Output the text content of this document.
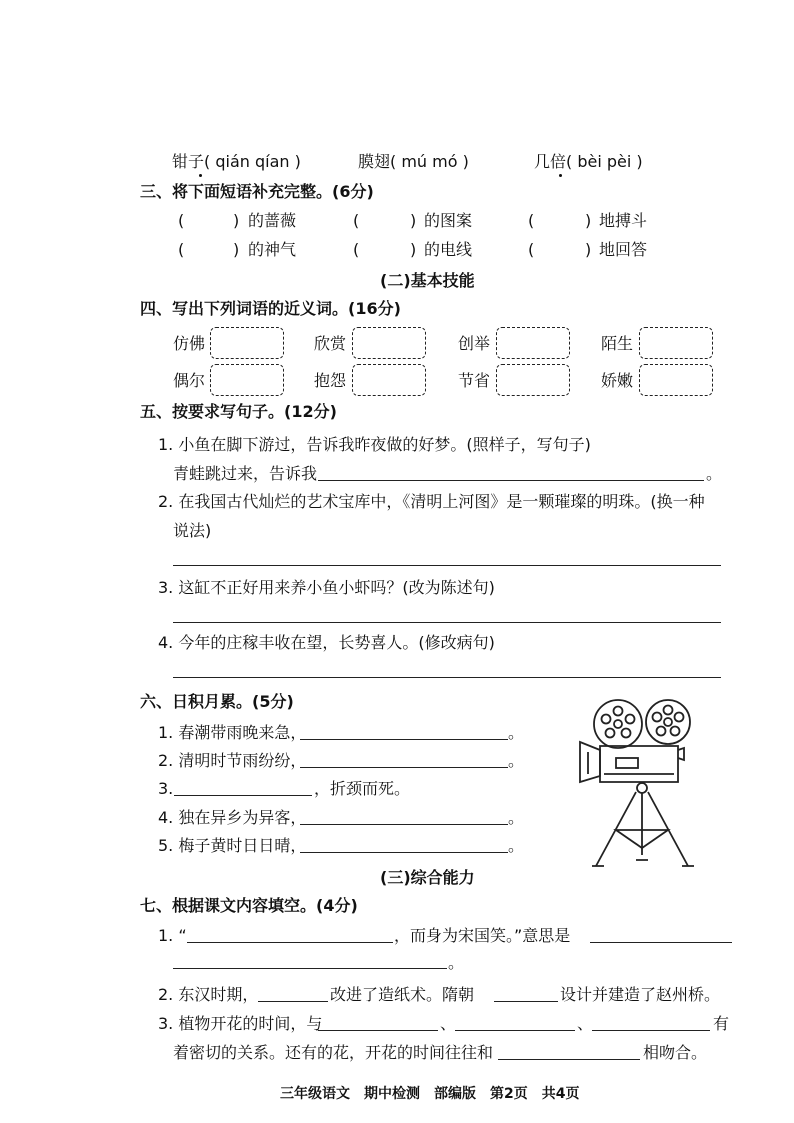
钳子( qián qían )	膜翅( mú mó )	几倍( bèi pèi )
三、将下面短语补充完整。(6分)
(	) 的蔷薇	(	) 的图案	(	) 地搏斗
(	) 的神气	(	) 的电线	(	) 地回答
(二)基本技能
四、写出下列词语的近义词。(16分)
仿佛	欣赏	创举	陌生
偶尔	抱怨	节省	娇嫩
五、按要求写句子。(12分)
1. 小鱼在脚下游过，告诉我昨夜做的好梦。(照样子，写句子)
青蛙跳过来，告诉我	。
2. 在我国古代灿烂的艺术宝库中，《清明上河图》是一颗璀璨的明珠。(换一种
说法)
3. 这缸不正好用来养小鱼小虾吗？(改为陈述句)
4. 今年的庄稼丰收在望，长势喜人。(修改病句)
六、日积月累。(5分)
1. 春潮带雨晚来急，	。
2. 清明时节雨纷纷，	。
3.	，折颈而死。
4. 独在异乡为异客，	。
5. 梅子黄时日日晴，	。
(三)综合能力
七、根据课文内容填空。(4分)
1. “	，而身为宋国笑。”意思是
。
2. 东汉时期，	改进了造纸术。隋朝	设计并建造了赵州桥。
3. 植物开花的时间，与	、	、	有
着密切的关系。还有的花，开花的时间往往和	相吻合。
三年级语文　期中检测　部编版　第2页　共4页
